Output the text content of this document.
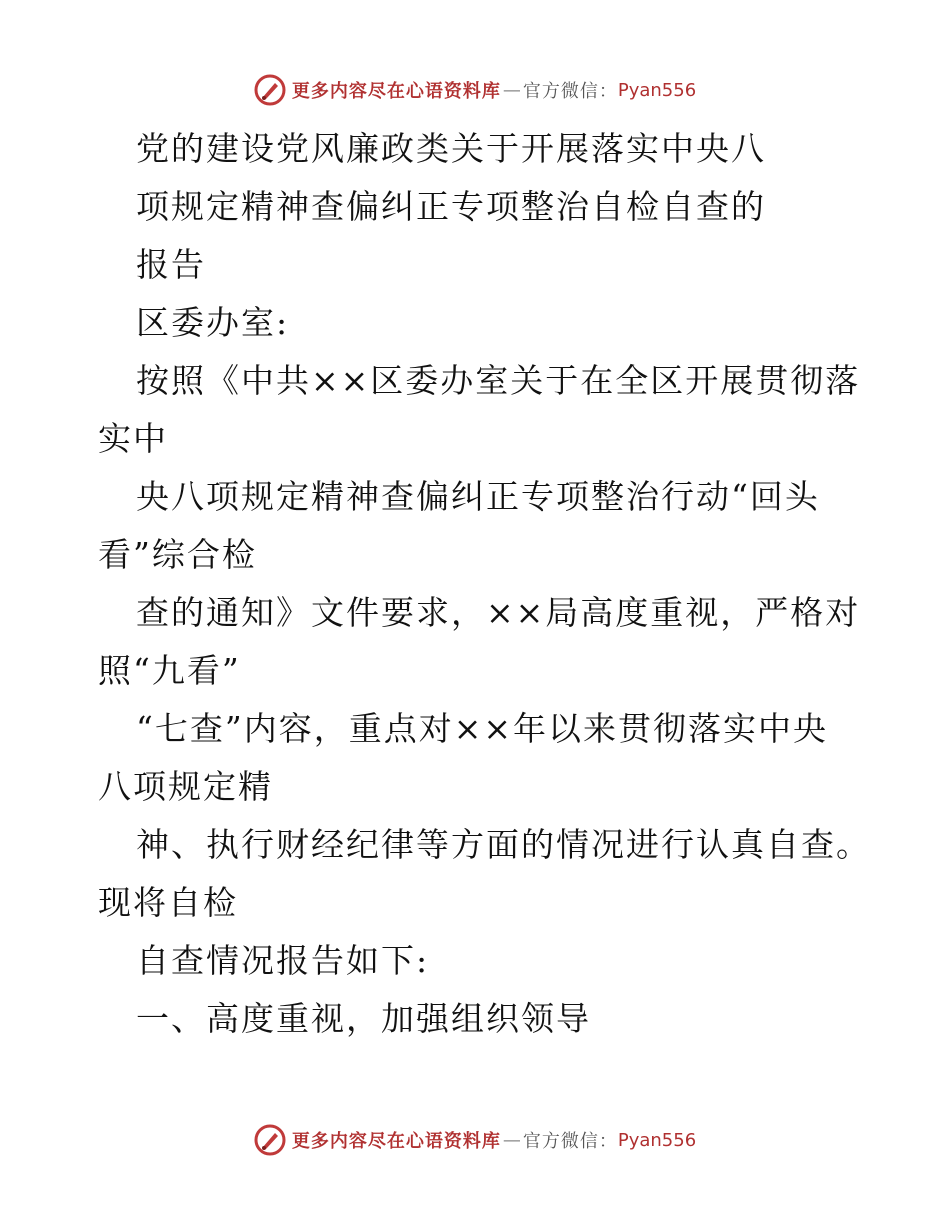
更多内容尽在心语资料库 — 官方微信： Pyan556
党的建设党风廉政类关于开展落实中央八
项规定精神查偏纠正专项整治自检自查的
报告
区委办室:
按照《中共××区委办室关于在全区开展贯彻落
实中
央八项规定精神查偏纠正专项整治行动“回头
看”综合检
查的通知》文件要求，××局高度重视，严格对
照“九看”
“七查”内容，重点对××年以来贯彻落实中央
八项规定精
神、执行财经纪律等方面的情况进行认真自查。
现将自检
自查情况报告如下:
一、高度重视，加强组织领导
更多内容尽在心语资料库 — 官方微信： Pyan556
